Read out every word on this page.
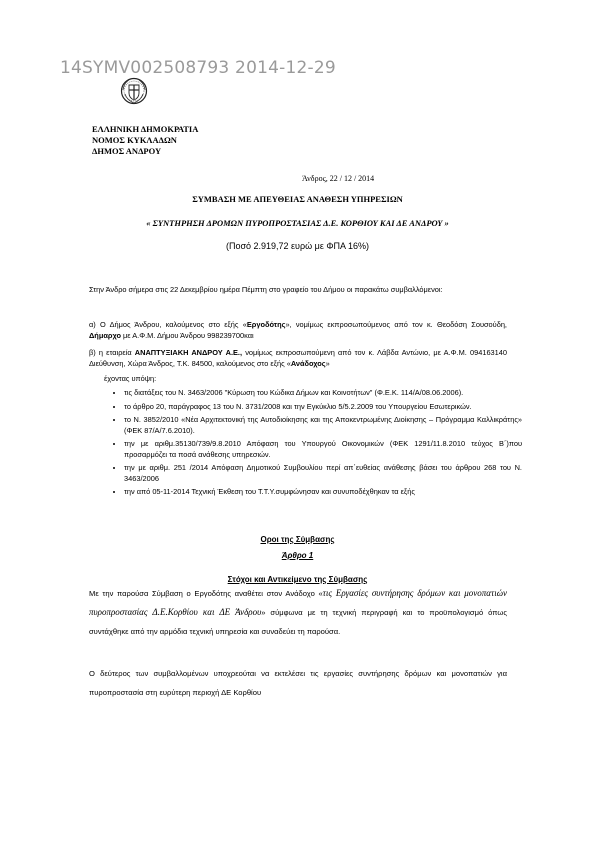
14SYMV002508793 2014-12-29
ΕΛΛΗΝΙΚΗ ΔΗΜΟΚΡΑΤΙΑ
ΝΟΜΟΣ ΚΥΚΛΑΔΩΝ
ΔΗΜΟΣ ΑΝΔΡΟΥ
Άνδρος, 22 / 12 / 2014
ΣΥΜΒΑΣΗ ΜΕ ΑΠΕΥΘΕΙΑΣ ΑΝΑΘΕΣΗ ΥΠΗΡΕΣΙΩΝ
« ΣΥΝΤΗΡΗΣΗ ΔΡΟΜΩΝ ΠΥΡΟΠΡΟΣΤΑΣΙΑΣ Δ.Ε. ΚΟΡΘΙΟΥ ΚΑΙ ΔΕ ΑΝΔΡΟΥ »
(Ποσό 2.919,72 ευρώ με ΦΠΑ 16%)
Στην Άνδρο σήμερα στις 22 Δεκεμβρίου ημέρα Πέμπτη στο γραφείο του Δήμου οι παρακάτω συμβαλλόμενοι:
α) Ο Δήμος Άνδρου, καλούμενος στο εξής «Εργοδότης», νομίμως εκπροσωπούμενος από τον κ. Θεοδόση Σουσούδη, Δήμαρχο με Α.Φ.Μ. Δήμου Άνδρου 998239700και
β) η εταιρεία ΑΝΑΠΤΥΞΙΑΚΗ ΑΝΔΡΟΥ Α.Ε., νομίμως εκπροσωπούμενη από τον κ. Λάβδα Αντώνιο, με Α.Φ.Μ. 094163140 Διεύθυνση, Χώρα Άνδρος, Τ.Κ. 84500, καλούμενος στο εξής «Ανάδοχος»
έχοντας υπόψη:
• τις διατάξεις του Ν. 3463/2006 "Κύρωση του Κώδικα Δήμων και Κοινοτήτων" (Φ.Ε.Κ. 114/Α/08.06.2006).
• το άρθρο 20, παράγραφος 13 του Ν. 3731/2008 και την Εγκύκλιο 5/5.2.2009 του Υπουργείου Εσωτερικών.
• το Ν. 3852/2010 «Νέα Αρχιτεκτονική της Αυτοδιοίκησης και της Αποκεντρωμένης Διοίκησης – Πρόγραμμα Καλλικράτης» (ΦΕΚ 87/Α/7.6.2010).
• την με αριθμ.35130/739/9.8.2010 Απόφαση του Υπουργού Οικονομικών (ΦΕΚ 1291/11.8.2010 τεύχος Β΄)που προσαρμόζει τα ποσά ανάθεσης υπηρεσιών.
• την με αριθμ. 251 /2014 Απόφαση Δημοτικού Συμβουλίου περί απ΄ευθείας ανάθεσης βάσει του άρθρου 268 του Ν. 3463/2006
• την από 05-11-2014 Τεχνική Έκθεση του Τ.Τ.Υ.συμφώνησαν και συνυποδέχθηκαν τα εξής
Οροι της Σύμβασης
Άρθρο 1
Στόχοι και Αντικείμενο της Σύμβασης
Με την παρούσα Σύμβαση ο Εργοδότης αναθέτει στον Ανάδοχο «τις Εργασίες συντήρησης δρόμων και μονοπατιών πυροπροστασίας Δ.Ε.Κορθίου και ΔΕ Άνδρου» σύμφωνα με τη τεχνική περιγραφή και το προϋπολογισμό όπως συντάχθηκε από την αρμόδια τεχνική υπηρεσία και συναδεύει τη παρούσα.
Ο δεύτερος των συμβαλλομένων υποχρεούται να εκτελέσει τις εργασίες συντήρησης δρόμων και μονοπατιών για πυροπροστασία στη ευρύτερη περιοχή ΔΕ Κορθίου
